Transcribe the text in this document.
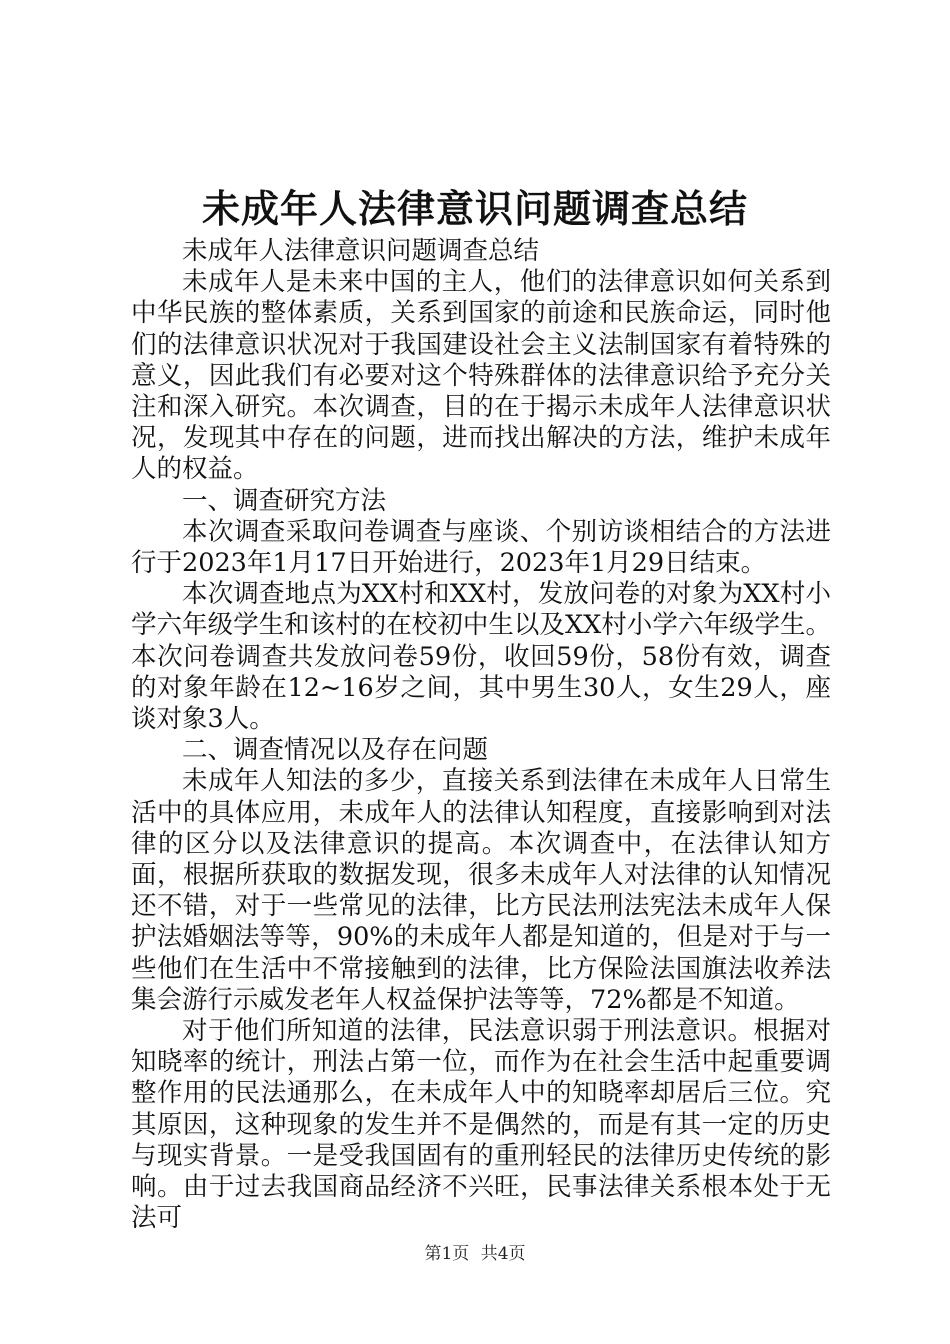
未成年人法律意识问题调查总结

未成年人法律意识问题调查总结

未成年人是未来中国的主人，他们的法律意识如何关系到中华民族的整体素质，关系到国家的前途和民族命运，同时他们的法律意识状况对于我国建设社会主义法制国家有着特殊的意义，因此我们有必要对这个特殊群体的法律意识给予充分关注和深入研究。本次调查，目的在于揭示未成年人法律意识状况，发现其中存在的问题，进而找出解决的方法，维护未成年人的权益。

一、调查研究方法

本次调查采取问卷调查与座谈、个别访谈相结合的方法进行于2023年1月17日开始进行，2023年1月29日结束。

本次调查地点为XX村和XX村，发放问卷的对象为XX村小学六年级学生和该村的在校初中生以及XX村小学六年级学生。本次问卷调查共发放问卷59份，收回59份，58份有效，调查的对象年龄在12~16岁之间，其中男生30人，女生29人，座谈对象3人。

二、调查情况以及存在问题

未成年人知法的多少，直接关系到法律在未成年人日常生活中的具体应用，未成年人的法律认知程度，直接影响到对法律的区分以及法律意识的提高。本次调查中，在法律认知方面，根据所获取的数据发现，很多未成年人对法律的认知情况还不错，对于一些常见的法律，比方民法刑法宪法未成年人保护法婚姻法等等，90%的未成年人都是知道的，但是对于与一些他们在生活中不常接触到的法律，比方保险法国旗法收养法集会游行示威发老年人权益保护法等等，72%都是不知道。

对于他们所知道的法律，民法意识弱于刑法意识。根据对知晓率的统计，刑法占第一位，而作为在社会生活中起重要调整作用的民法通那么，在未成年人中的知晓率却居后三位。究其原因，这种现象的发生并不是偶然的，而是有其一定的历史与现实背景。一是受我国固有的重刑轻民的法律历史传统的影响。由于过去我国商品经济不兴旺，民事法律关系根本处于无法可

第1页 共4页
